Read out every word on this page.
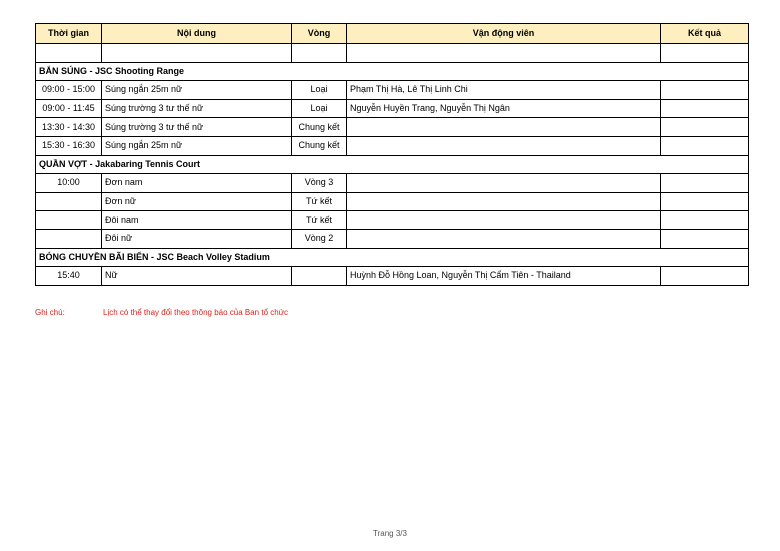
Thời gian	Nội dung	Vòng	Vận động viên	Kết quả

BẮN SÚNG - JSC Shooting Range				
09:00 - 15:00	Súng ngắn 25m nữ	Loại	Phạm Thị Hà, Lê Thị Linh Chi	
09:00 - 11:45	Súng trường 3 tư thế nữ	Loại	Nguyễn Huyền Trang, Nguyễn Thị Ngân	
13:30 - 14:30	Súng trường 3 tư thế nữ	Chung kết		
15:30 - 16:30	Súng ngắn 25m nữ	Chung kết		
QUẦN VỢT - Jakabaring Tennis Court				
10:00	Đơn nam	Vòng 3		
	Đơn nữ	Tứ kết		
	Đôi nam	Tứ kết		
	Đôi nữ	Vòng 2		
BÓNG CHUYỀN BÃI BIỂN - JSC Beach Volley Stadium				
15:40	Nữ		Huỳnh Đỗ Hồng Loan, Nguyễn Thị Cẩm Tiên - Thailand	
Ghi chú:	Lịch có thể thay đổi theo thông báo của Ban tổ chức
Trang 3/3
